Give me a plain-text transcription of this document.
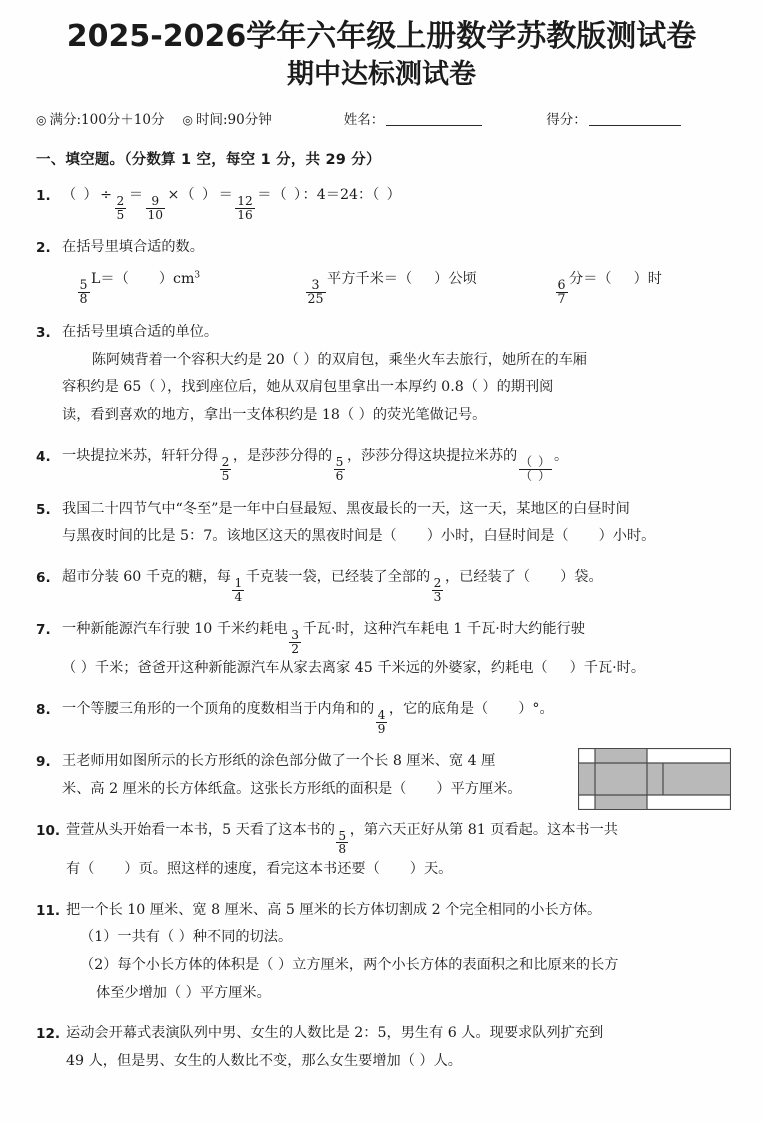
2025-2026学年六年级上册数学苏教版测试卷
期中达标测试卷
◎ 满分:100分＋10分 ◎ 时间:90分钟	姓名：	得分：
一、填空题。（分数算 1 空，每空 1 分，共 29 分）
1. （ ）÷
$\frac{2}{5}$
＝
$\frac{9}{10}$
×（ ）＝
$\frac{12}{16}$
＝（ ）：4＝24：（ ）
2. 在括号里填合适的数。
$\frac{5}{8}$
L＝（ ）$cm^3$
$\frac{3}{25}$
平方千米＝（ ）公顷
$\frac{6}{7}$
分＝（ ）时
3. 在括号里填合适的单位。
陈阿姨背着一个容积大约是 20（ ）的双肩包，乘坐火车去旅行，她所在的车厢
容积约是 65（ ），找到座位后，她从双肩包里拿出一本厚约 0.8（ ）的期刊阅
读，看到喜欢的地方，拿出一支体积约是 18（ ）的荧光笔做记号。
4. 一块提拉米苏，轩轩分得
$\frac{2}{5}$
，是莎莎分得的
$\frac{5}{6}$
，莎莎分得这块提拉米苏的
$\frac{( )}{( )}$
。
5. 我国二十四节气中“冬至”是一年中白昼最短、黑夜最长的一天，这一天，某地区的白昼时间
与黑夜时间的比是 5：7。该地区这天的黑夜时间是（ ）小时，白昼时间是（ ）小时。
6. 超市分装 60 千克的糖，每
$\frac{1}{4}$
千克装一袋，已经装了全部的
$\frac{2}{3}$
，已经装了（ ）袋。
7. 一种新能源汽车行驶 10 千米约耗电
$\frac{3}{2}$
千瓦·时，这种汽车耗电 1 千瓦·时大约能行驶
（ ）千米；爸爸开这种新能源汽车从家去离家 45 千米远的外婆家，约耗电（ ）千瓦·时。
8. 一个等腰三角形的一个顶角的度数相当于内角和的
$\frac{4}{9}$
，它的底角是（ ）°。
9. 王老师用如图所示的长方形纸的涂色部分做了一个长 8 厘米、宽 4 厘
米、高 2 厘米的长方体纸盒。这张长方形纸的面积是（ ）平方厘米。
10. 萱萱从头开始看一本书，5 天看了这本书的
$\frac{5}{8}$
，第六天正好从第 81 页看起。这本书一共
有（ ）页。照这样的速度，看完这本书还要（ ）天。
11. 把一个长 10 厘米、宽 8 厘米、高 5 厘米的长方体切割成 2 个完全相同的小长方体。
（1）一共有（ ）种不同的切法。
（2）每个小长方体的体积是（ ）立方厘米，两个小长方体的表面积之和比原来的长方
体至少增加（ ）平方厘米。
12. 运动会开幕式表演队列中男、女生的人数比是 2：5，男生有 6 人。现要求队列扩充到
49 人，但是男、女生的人数比不变，那么女生要增加（ ）人。
